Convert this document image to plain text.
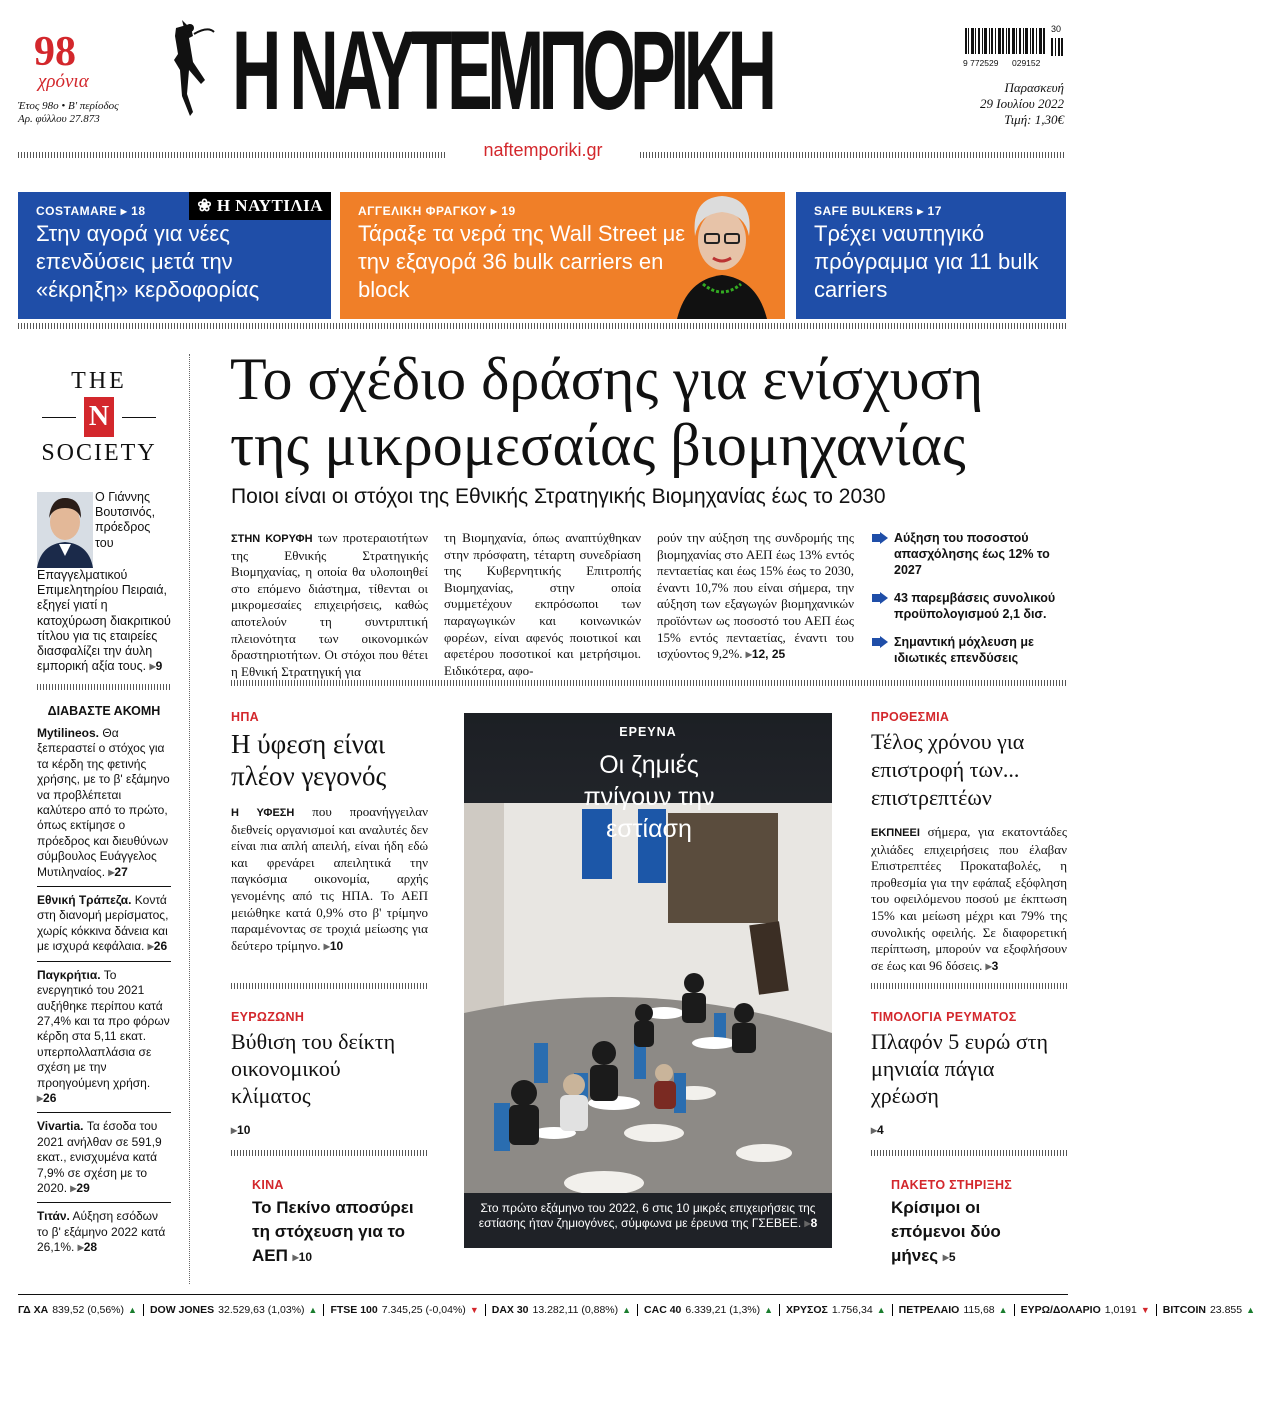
98
χρόνια
Έτος 98ο • Β' περίοδος
Αρ. φύλλου 27.873 Η ΝΑΥΤΕΜΠΟΡΙΚΗ	30
9 772529 029152
Παρασκευή
29 Ιουλίου 2022
Τιμή: 1,30€
naftemporiki.gr
COSTAMARE ▸ 18
Στην αγορά για νέες επενδύσεις μετά την «έκρηξη» κερδοφορίας
❀ Η ΝΑΥΤΙΛΙΑ	ΑΓΓΕΛΙΚΗ ΦΡΑΓΚΟΥ ▸ 19
Τάραξε τα νερά της Wall Street με την εξαγορά 36 bulk carriers en block
SAFE BULKERS ▸ 17
Τρέχει ναυπηγικό πρόγραμμα για 11 bulk carriers
THE
N
SOCIETY
Ο Γιάννης Βουτσινός, πρόεδρος του Επαγγελματικού Επιμελητηρίου Πειραιά, εξηγεί γιατί η κατοχύρωση διακριτικού τίτλου για τις εταιρείες διασφαλίζει την άυλη εμπορική αξία τους. ▸ 9
ΔΙΑΒΑΣΤΕ ΑΚΟΜΗ
Mytilineos. Θα ξεπεραστεί ο στόχος για τα κέρδη της φετινής χρήσης, με το β' εξάμηνο να προβλέπεται καλύτερο από το πρώτο, όπως εκτίμησε ο πρόεδρος και διευθύνων σύμβουλος Ευάγγελος Μυτιληναίος. ▸ 27
Εθνική Τράπεζα. Κοντά στη διανομή μερίσματος, χωρίς κόκκινα δάνεια και με ισχυρά κεφάλαια. ▸ 26
Παγκρήτια. Το ενεργητικό του 2021 αυξήθηκε περίπου κατά 27,4% και τα προ φόρων κέρδη στα 5,11 εκατ. υπερπολλαπλάσια σε σχέση με την προηγούμενη χρήση. ▸ 26
Vivartia. Τα έσοδα του 2021 ανήλθαν σε 591,9 εκατ., ενισχυμένα κατά 7,9% σε σχέση με το 2020. ▸ 29
Τιτάν. Αύξηση εσόδων το β' εξάμηνο 2022 κατά 26,1%. ▸ 28
Το σχέδιο δράσης για ενίσχυση
της μικρομεσαίας βιομηχανίας
Ποιοι είναι οι στόχοι της Εθνικής Στρατηγικής Βιομηχανίας έως το 2030
ΣΤΗΝ ΚΟΡΥΦΗ των προτεραιοτήτων της Εθνικής Στρατηγικής Βιομηχανίας, η οποία θα υλοποιηθεί στο επόμενο διάστημα, τίθενται οι μικρομεσαίες επιχειρήσεις, καθώς αποτελούν τη συντριπτική πλειονότητα των οικονομικών δραστηριοτήτων. Οι στόχοι που θέτει η Εθνική Στρατηγική για
τη Βιομηχανία, όπως αναπτύχθηκαν στην πρόσφατη, τέταρτη συνεδρίαση της Κυβερνητικής Επιτροπής Βιομηχανίας, στην οποία συμμετέχουν εκπρόσωποι των παραγωγικών και κοινωνικών φορέων, είναι αφενός ποιοτικοί και αφετέρου ποσοτικοί και μετρήσιμοι. Ειδικότερα, αφο-
ρούν την αύξηση της συνδρομής της βιομηχανίας στο ΑΕΠ έως 13% εντός πενταετίας και έως 15% έως το 2030, έναντι 10,7% που είναι σήμερα, την αύξηση των εξαγωγών βιομηχανικών προϊόντων ως ποσοστό του ΑΕΠ έως 15% εντός πενταετίας, έναντι του ισχύοντος 9,2%. ▸ 12, 25
Αύξηση του ποσοστού απασχόλησης έως 12% το 2027
43 παρεμβάσεις συνολικού προϋπολογισμού 2,1 δισ.
Σημαντική μόχλευση με ιδιωτικές επενδύσεις
ΗΠΑ
Η ύφεση είναι πλέον γεγονός
Η ΥΦΕΣΗ που προανήγγειλαν διεθνείς οργανισμοί και αναλυτές δεν είναι πια απλή απειλή, είναι ήδη εδώ και φρενάρει απειλητικά την παγκόσμια οικονομία, αρχής γενομένης από τις ΗΠΑ. Το ΑΕΠ μειώθηκε κατά 0,9% στο β' τρίμηνο παραμένοντας σε τροχιά μείωσης για δεύτερο τρίμηνο. ▸ 10
ΕΥΡΩΖΩΝΗ
Βύθιση του δείκτη οικονομικού κλίματος
▸ 10
ΚΙΝΑ
Το Πεκίνο αποσύρει τη στόχευση για το ΑΕΠ ▸ 10
ΕΡΕΥΝΑ
Οι ζημιές πνίγουν την εστίαση
Στο πρώτο εξάμηνο του 2022, 6 στις 10 μικρές επιχειρήσεις της εστίασης ήταν ζημιογόνες, σύμφωνα με έρευνα της ΓΣΕΒΕΕ. ▸ 8
ΠΡΟΘΕΣΜΙΑ
Τέλος χρόνου για επιστροφή των... επιστρεπτέων
ΕΚΠΝΕΕΙ σήμερα, για εκατοντάδες χιλιάδες επιχειρήσεις που έλαβαν Επιστρεπτέες Προκαταβολές, η προθεσμία για την εφάπαξ εξόφληση του οφειλόμενου ποσού με έκπτωση 15% και μείωση μέχρι και 79% της συνολικής οφειλής. Σε διαφορετική περίπτωση, μπορούν να εξοφλήσουν σε έως και 96 δόσεις. ▸ 3
ΤΙΜΟΛΟΓΙΑ ΡΕΥΜΑΤΟΣ
Πλαφόν 5 ευρώ στη μηνιαία πάγια χρέωση
▸ 4
ΠΑΚΕΤΟ ΣΤΗΡΙΞΗΣ
Κρίσιμοι οι επόμενοι δύο μήνες ▸ 5
ΓΔ ΧΑ 839,52 (0,56%) ▲ DOW JONES 32.529,63 (1,03%) ▲ FTSE 100 7.345,25 (-0,04%) ▼ DAX 30 13.282,11 (0,88%) ▲ CAC 40 6.339,21 (1,3%) ▲ ΧΡΥΣΟΣ 1.756,34 ▲ ΠΕΤΡΕΛΑΙΟ 115,68 ▲ ΕΥΡΩ/ΔΟΛΑΡΙΟ 1,0191 ▼ BITCOIN 23.855 ▲
